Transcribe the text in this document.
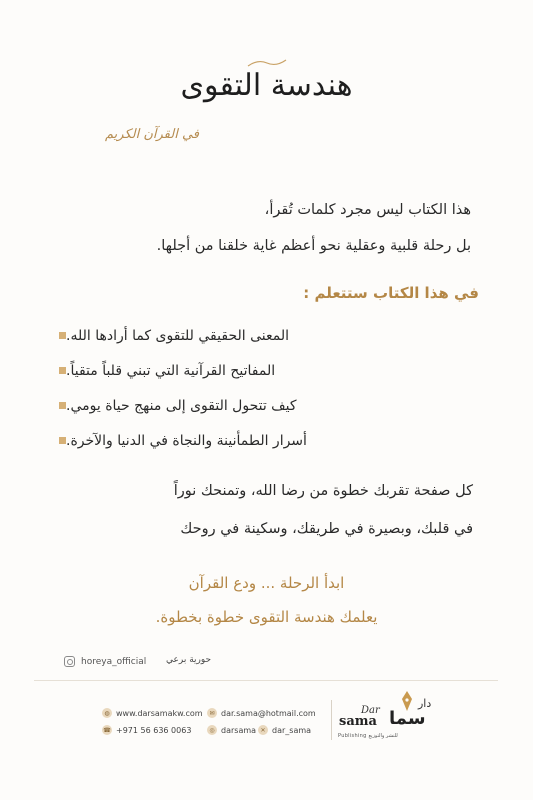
هندسة التقوى
في القرآن الكريم
هذا الكتاب ليس مجرد كلمات تُقرأ،
بل رحلة قلبية وعقلية نحو أعظم غاية خلقنا من أجلها.
في هذا الكتاب ستتعلم :
المعنى الحقيقي للتقوى كما أرادها الله.
المفاتيح القرآنية التي تبني قلباً متقياً.
كيف تتحول التقوى إلى منهج حياة يومي.
أسرار الطمأنينة والنجاة في الدنيا والآخرة.
كل صفحة تقربك خطوة من رضا الله، وتمنحك نوراً
في قلبك، وبصيرة في طريقك، وسكينة في روحك
ابدأ الرحلة ... ودع القرآن
يعلمك هندسة التقوى خطوة بخطوة.
horeya_official حورية برعي
◍ www.darsamakw.com	✉ dar.sama@hotmail.com
☎ +971 56 636 0063	◎ darsama ✕ dar_sama
Dar
دار
sama سما
Publishing للنشر والتوزيع
